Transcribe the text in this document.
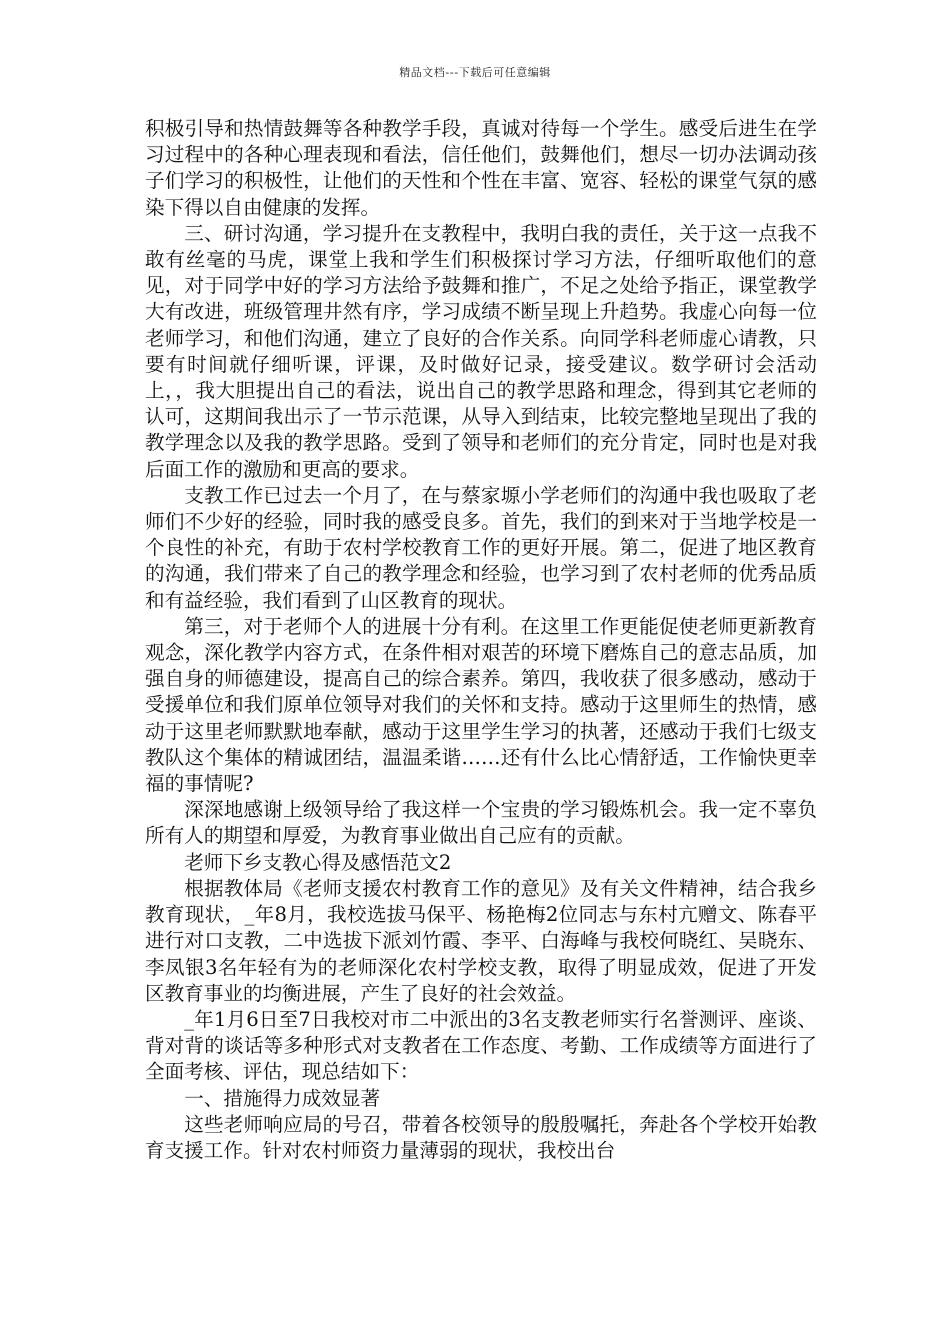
精品文档---下载后可任意编辑

积极引导和热情鼓舞等各种教学手段，真诚对待每一个学生。感受后进生在学习过程中的各种心理表现和看法，信任他们，鼓舞他们，想尽一切办法调动孩子们学习的积极性，让他们的天性和个性在丰富、宽容、轻松的课堂气氛的感染下得以自由健康的发挥。

三、研讨沟通，学习提升在支教程中，我明白我的责任，关于这一点我不敢有丝毫的马虎，课堂上我和学生们积极探讨学习方法，仔细听取他们的意见，对于同学中好的学习方法给予鼓舞和推广，不足之处给予指正，课堂教学大有改进，班级管理井然有序，学习成绩不断呈现上升趋势。我虚心向每一位老师学习，和他们沟通，建立了良好的合作关系。向同学科老师虚心请教，只要有时间就仔细听课，评课，及时做好记录，接受建议。数学研讨会活动上，，我大胆提出自己的看法，说出自己的教学思路和理念，得到其它老师的认可，这期间我出示了一节示范课，从导入到结束，比较完整地呈现出了我的教学理念以及我的教学思路。受到了领导和老师们的充分肯定，同时也是对我后面工作的激励和更高的要求。

支教工作已过去一个月了，在与蔡家塬小学老师们的沟通中我也吸取了老师们不少好的经验，同时我的感受良多。首先，我们的到来对于当地学校是一个良性的补充，有助于农村学校教育工作的更好开展。第二，促进了地区教育的沟通，我们带来了自己的教学理念和经验，也学习到了农村老师的优秀品质和有益经验，我们看到了山区教育的现状。

第三，对于老师个人的进展十分有利。在这里工作更能促使老师更新教育观念，深化教学内容方式，在条件相对艰苦的环境下磨炼自己的意志品质，加强自身的师德建设，提高自己的综合素养。第四，我收获了很多感动，感动于受援单位和我们原单位领导对我们的关怀和支持。感动于这里师生的热情，感动于这里老师默默地奉献，感动于这里学生学习的执著，还感动于我们七级支教队这个集体的精诚团结，温温柔谐……还有什么比心情舒适，工作愉快更幸福的事情呢?

深深地感谢上级领导给了我这样一个宝贵的学习锻炼机会。我一定不辜负所有人的期望和厚爱，为教育事业做出自己应有的贡献。

老师下乡支教心得及感悟范文2

根据教体局《老师支援农村教育工作的意见》及有关文件精神，结合我乡教育现状，_年8月，我校选拔马保平、杨艳梅2位同志与东村亢赠文、陈春平进行对口支教，二中选拔下派刘竹霞、李平、白海峰与我校何晓红、吴晓东、李凤银3名年轻有为的老师深化农村学校支教，取得了明显成效，促进了开发区教育事业的均衡进展，产生了良好的社会效益。

_年1月6日至7日我校对市二中派出的3名支教老师实行名誉测评、座谈、背对背的谈话等多种形式对支教者在工作态度、考勤、工作成绩等方面进行了全面考核、评估，现总结如下：

一、措施得力成效显著

这些老师响应局的号召，带着各校领导的殷殷嘱托，奔赴各个学校开始教育支援工作。针对农村师资力量薄弱的现状，我校出台
